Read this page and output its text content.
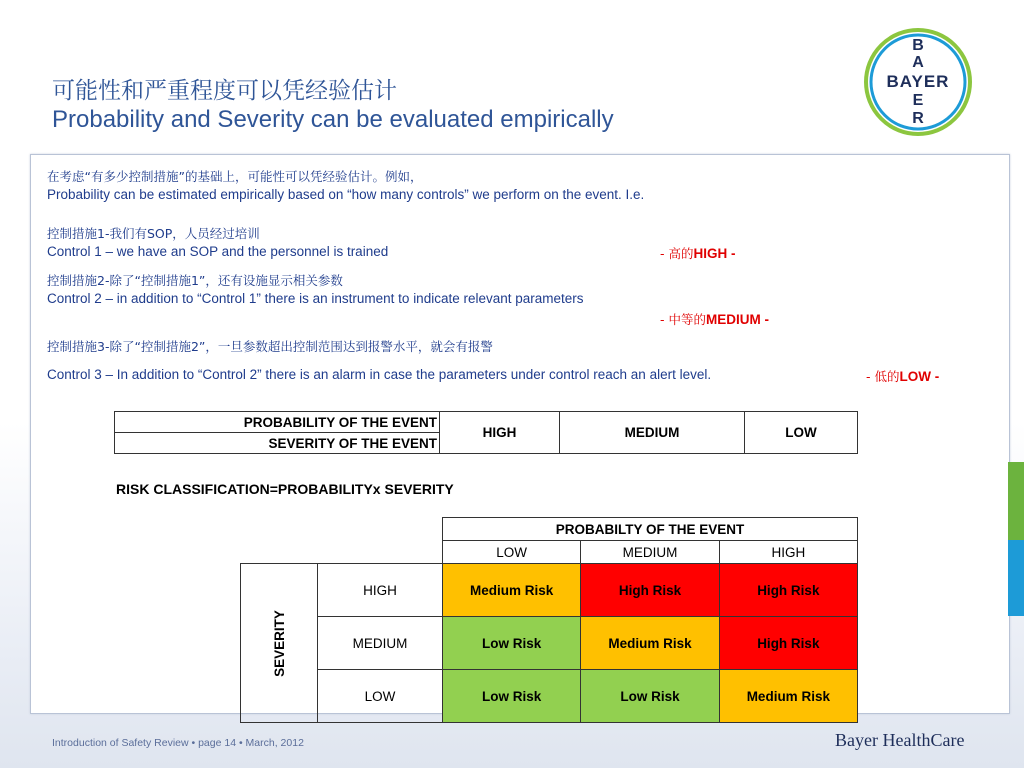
可能性和严重程度可以凭经验估计
Probability and Severity can be evaluated empirically
B
A
BAYER
E
R
在考虑“有多少控制措施”的基础上，可能性可以凭经验估计。例如，
Probability can be estimated empirically based on “how many controls” we perform on the event. I.e.
控制措施1-我们有SOP，人员经过培训
Control 1 – we have an SOP and the personnel is trained	- 高的HIGH -
控制措施2-除了“控制措施1”，还有设施显示相关参数
Control 2 – in addition to “Control 1” there is an instrument to indicate relevant parameters
- 中等的MEDIUM -
控制措施3-除了“控制措施2”，一旦参数超出控制范围达到报警水平，就会有报警
Control 3 – In addition to “Control 2” there is an alarm in case the parameters under control reach an alert level.	- 低的LOW -
PROBABILITY OF THE EVENT	HIGH	MEDIUM	LOW
SEVERITY OF THE EVENT
RISK CLASSIFICATION=PROBABILITYx SEVERITY
		PROBABILTY OF THE EVENT		
		LOW	MEDIUM	HIGH
SEVERITY	HIGH	Medium Risk	High Risk	High Risk
	MEDIUM	Low Risk	Medium Risk	High Risk
	LOW	Low Risk	Low Risk	Medium Risk
Introduction of Safety Review • page 14 • March, 2012	Bayer HealthCare
